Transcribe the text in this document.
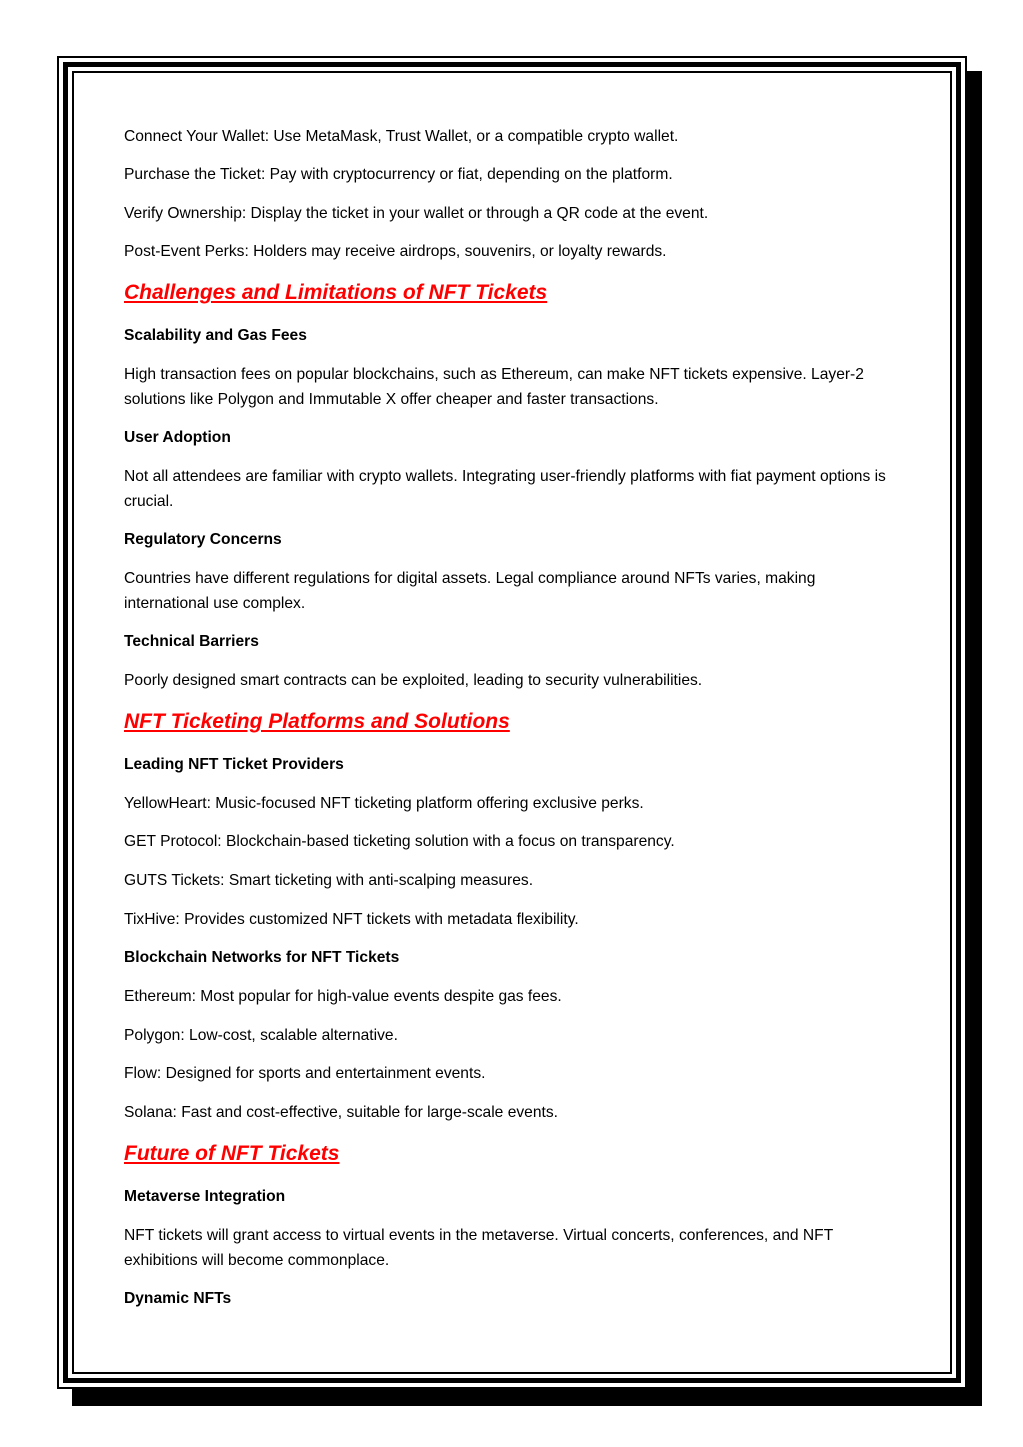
Connect Your Wallet: Use MetaMask, Trust Wallet, or a compatible crypto wallet.

Purchase the Ticket: Pay with cryptocurrency or fiat, depending on the platform.

Verify Ownership: Display the ticket in your wallet or through a QR code at the event.

Post-Event Perks: Holders may receive airdrops, souvenirs, or loyalty rewards.

Challenges and Limitations of NFT Tickets

Scalability and Gas Fees

High transaction fees on popular blockchains, such as Ethereum, can make NFT tickets expensive. Layer-2 solutions like Polygon and Immutable X offer cheaper and faster transactions.

User Adoption

Not all attendees are familiar with crypto wallets. Integrating user-friendly platforms with fiat payment options is crucial.

Regulatory Concerns

Countries have different regulations for digital assets. Legal compliance around NFTs varies, making international use complex.

Technical Barriers

Poorly designed smart contracts can be exploited, leading to security vulnerabilities.

NFT Ticketing Platforms and Solutions

Leading NFT Ticket Providers

YellowHeart: Music-focused NFT ticketing platform offering exclusive perks.

GET Protocol: Blockchain-based ticketing solution with a focus on transparency.

GUTS Tickets: Smart ticketing with anti-scalping measures.

TixHive: Provides customized NFT tickets with metadata flexibility.

Blockchain Networks for NFT Tickets

Ethereum: Most popular for high-value events despite gas fees.

Polygon: Low-cost, scalable alternative.

Flow: Designed for sports and entertainment events.

Solana: Fast and cost-effective, suitable for large-scale events.

Future of NFT Tickets

Metaverse Integration

NFT tickets will grant access to virtual events in the metaverse. Virtual concerts, conferences, and NFT exhibitions will become commonplace.

Dynamic NFTs
